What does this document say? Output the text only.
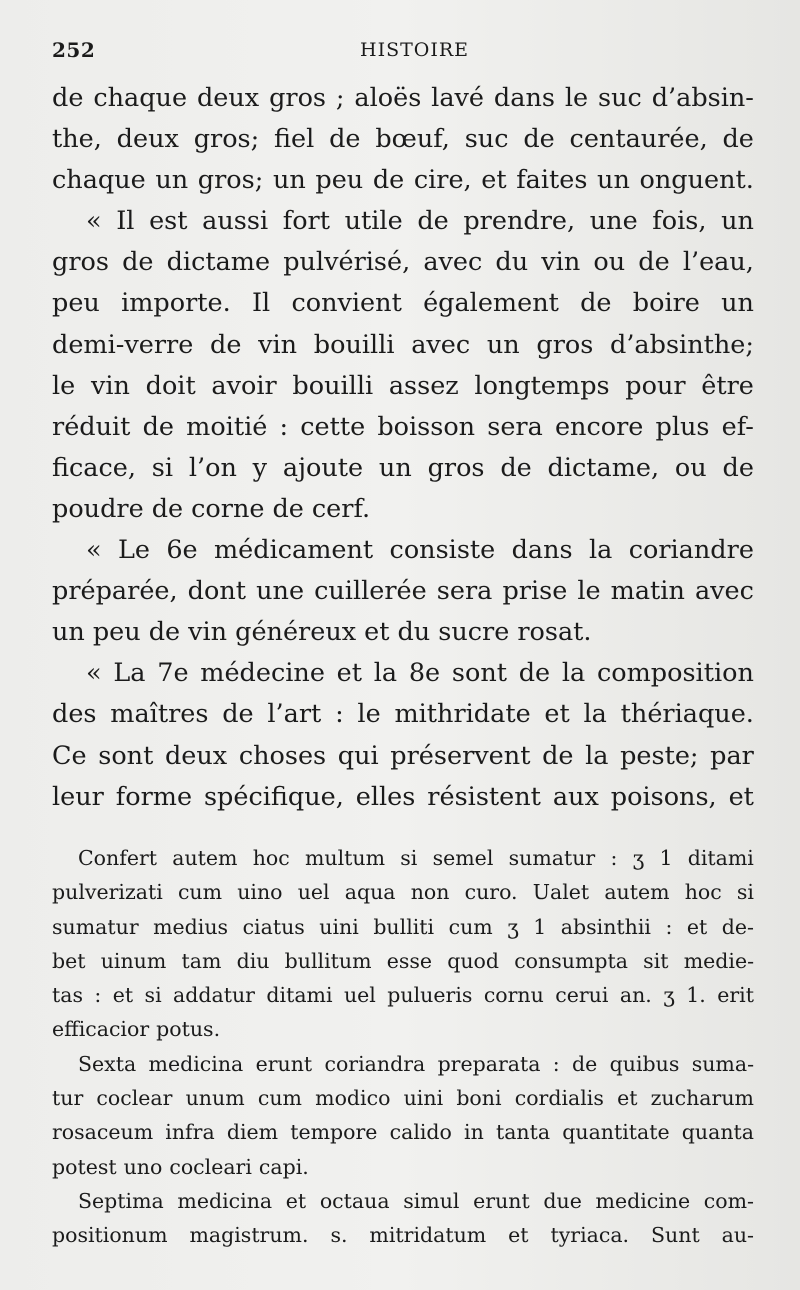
252	HISTOIRE
de chaque deux gros ; aloës lavé dans le suc d’absin-
the, deux gros; fiel de bœuf, suc de centaurée, de
chaque un gros; un peu de cire, et faites un onguent.
« Il est aussi fort utile de prendre, une fois, un
gros de dictame pulvérisé, avec du vin ou de l’eau,
peu importe. Il convient également de boire un
demi-verre de vin bouilli avec un gros d’absinthe;
le vin doit avoir bouilli assez longtemps pour être
réduit de moitié : cette boisson sera encore plus ef-
ficace, si l’on y ajoute un gros de dictame, ou de
poudre de corne de cerf.
« Le 6e médicament consiste dans la coriandre
préparée, dont une cuillerée sera prise le matin avec
un peu de vin généreux et du sucre rosat.
« La 7e médecine et la 8e sont de la composition
des maîtres de l’art : le mithridate et la thériaque.
Ce sont deux choses qui préservent de la peste; par
leur forme spécifique, elles résistent aux poisons, et
Confert autem hoc multum si semel sumatur : ʒ 1 ditami
pulverizati cum uino uel aqua non curo. Ualet autem hoc si
sumatur medius ciatus uini bulliti cum ʒ 1 absinthii : et de-
bet uinum tam diu bullitum esse quod consumpta sit medie-
tas : et si addatur ditami uel pulueris cornu cerui an. ʒ 1. erit
efficacior potus.
Sexta medicina erunt coriandra preparata : de quibus suma-
tur coclear unum cum modico uini boni cordialis et zucharum
rosaceum infra diem tempore calido in tanta quantitate quanta
potest uno cocleari capi.
Septima medicina et octaua simul erunt due medicine com-
positionum magistrum. s. mitridatum et tyriaca. Sunt au-
